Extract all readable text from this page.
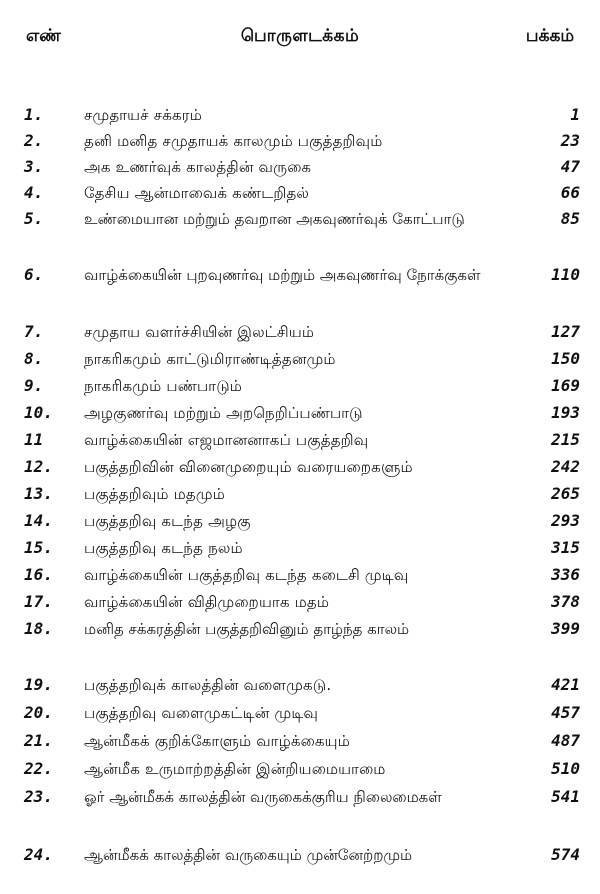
எண்	பொருளடக்கம்	பக்கம்
1.	சமுதாயச் சக்கரம்	1
2.	தனி மனித சமுதாயக் காலமும் பகுத்தறிவும்	23
3.	அக உணர்வுக் காலத்தின் வருகை	47
4.	தேசிய ஆன்மாவைக் கண்டறிதல்	66
5.	உண்மையான மற்றும் தவறான அகவுணர்வுக் கோட்பாடு	85
6.	வாழ்க்கையின் புறவுணர்வு மற்றும் அகவுணர்வு நோக்குகள்	110
7.	சமுதாய வளர்ச்சியின் இலட்சியம்	127
8.	நாகரிகமும் காட்டுமிராண்டித்தனமும்	150
9.	நாகரிகமும் பண்பாடும்	169
10. அழகுணர்வு மற்றும் அறநெறிப்பண்பாடு	193
11	வாழ்க்கையின் எஜமானனாகப் பகுத்தறிவு	215
12. பகுத்தறிவின் வினைமுறையும் வரையறைகளும்	242
13. பகுத்தறிவும் மதமும்	265
14. பகுத்தறிவு கடந்த அழகு	293
15. பகுத்தறிவு கடந்த நலம்	315
16. வாழ்க்கையின் பகுத்தறிவு கடந்த கடைசி முடிவு	336
17. வாழ்க்கையின் விதிமுறையாக மதம்	378
18. மனித சக்கரத்தின் பகுத்தறிவினும் தாழ்ந்த காலம்	399
19. பகுத்தறிவுக் காலத்தின் வளைமுகடு.	421
20. பகுத்தறிவு வளைமுகட்டின் முடிவு	457
21. ஆன்மீகக் குறிக்கோளும் வாழ்க்கையும்	487
22. ஆன்மீக உருமாற்றத்தின் இன்றியமையாமை	510
23. ஓர் ஆன்மீகக் காலத்தின் வருகைக்குரிய நிலைமைகள்	541
24. ஆன்மீகக் காலத்தின் வருகையும் முன்னேற்றமும்	574
